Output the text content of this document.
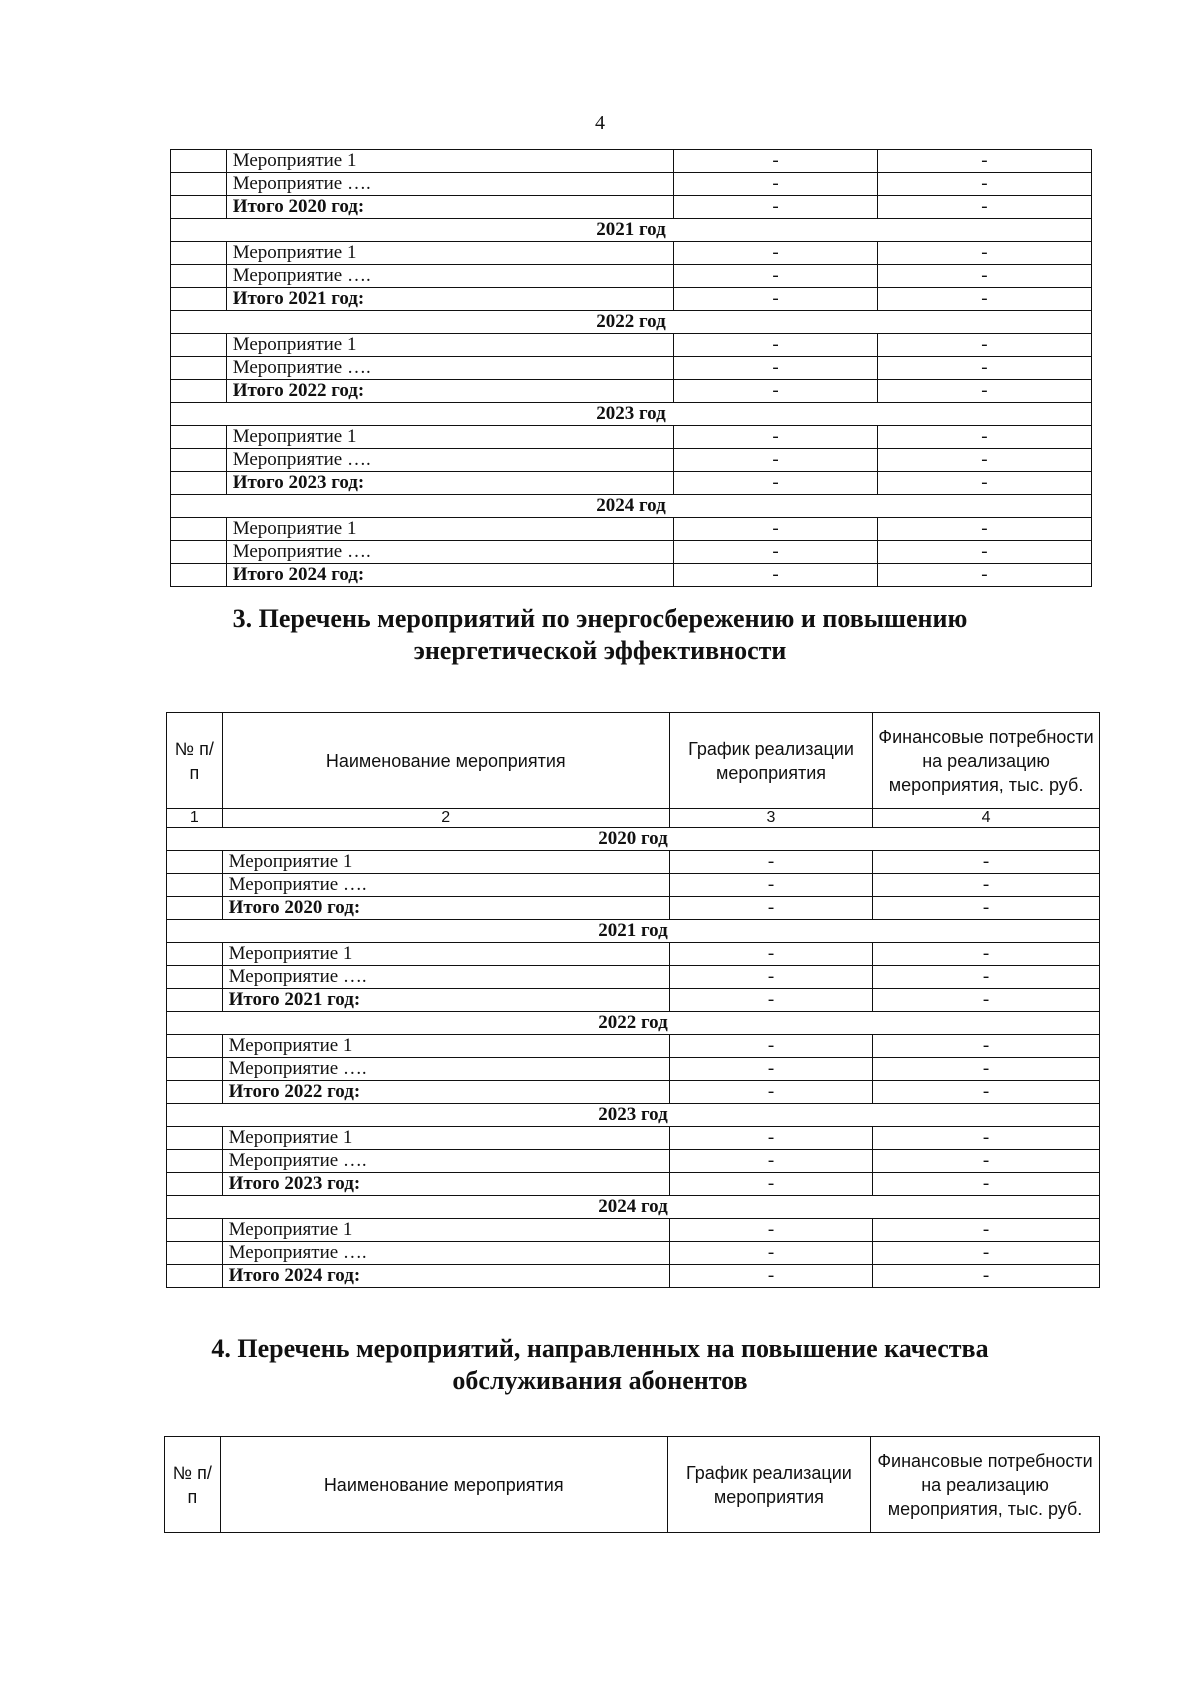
4
	Мероприятие 1	-	-
	Мероприятие ….	-	-
	Итого 2020 год:	-	-
2021 год			
	Мероприятие 1	-	-
	Мероприятие ….	-	-
	Итого 2021 год:	-	-
2022 год			
	Мероприятие 1	-	-
	Мероприятие ….	-	-
	Итого 2022 год:	-	-
2023 год			
	Мероприятие 1	-	-
	Мероприятие ….	-	-
	Итого 2023 год:	-	-
2024 год			
	Мероприятие 1	-	-
	Мероприятие ….	-	-
	Итого 2024 год:	-	-
3. Перечень мероприятий по энергосбережению и повышению
энергетической эффективности
№ п/п	Наименование мероприятия	График реализации мероприятия	Финансовые потребности на реализацию мероприятия, тыс. руб.
1	2	3	4
2020 год			
	Мероприятие 1	-	-
	Мероприятие ….	-	-
	Итого 2020 год:	-	-
2021 год			
	Мероприятие 1	-	-
	Мероприятие ….	-	-
	Итого 2021 год:	-	-
2022 год			
	Мероприятие 1	-	-
	Мероприятие ….	-	-
	Итого 2022 год:	-	-
2023 год			
	Мероприятие 1	-	-
	Мероприятие ….	-	-
	Итого 2023 год:	-	-
2024 год			
	Мероприятие 1	-	-
	Мероприятие ….	-	-
	Итого 2024 год:	-	-
4. Перечень мероприятий, направленных на повышение качества
обслуживания абонентов
№ п/п	Наименование мероприятия	График реализации мероприятия	Финансовые потребности на реализацию мероприятия, тыс. руб.
